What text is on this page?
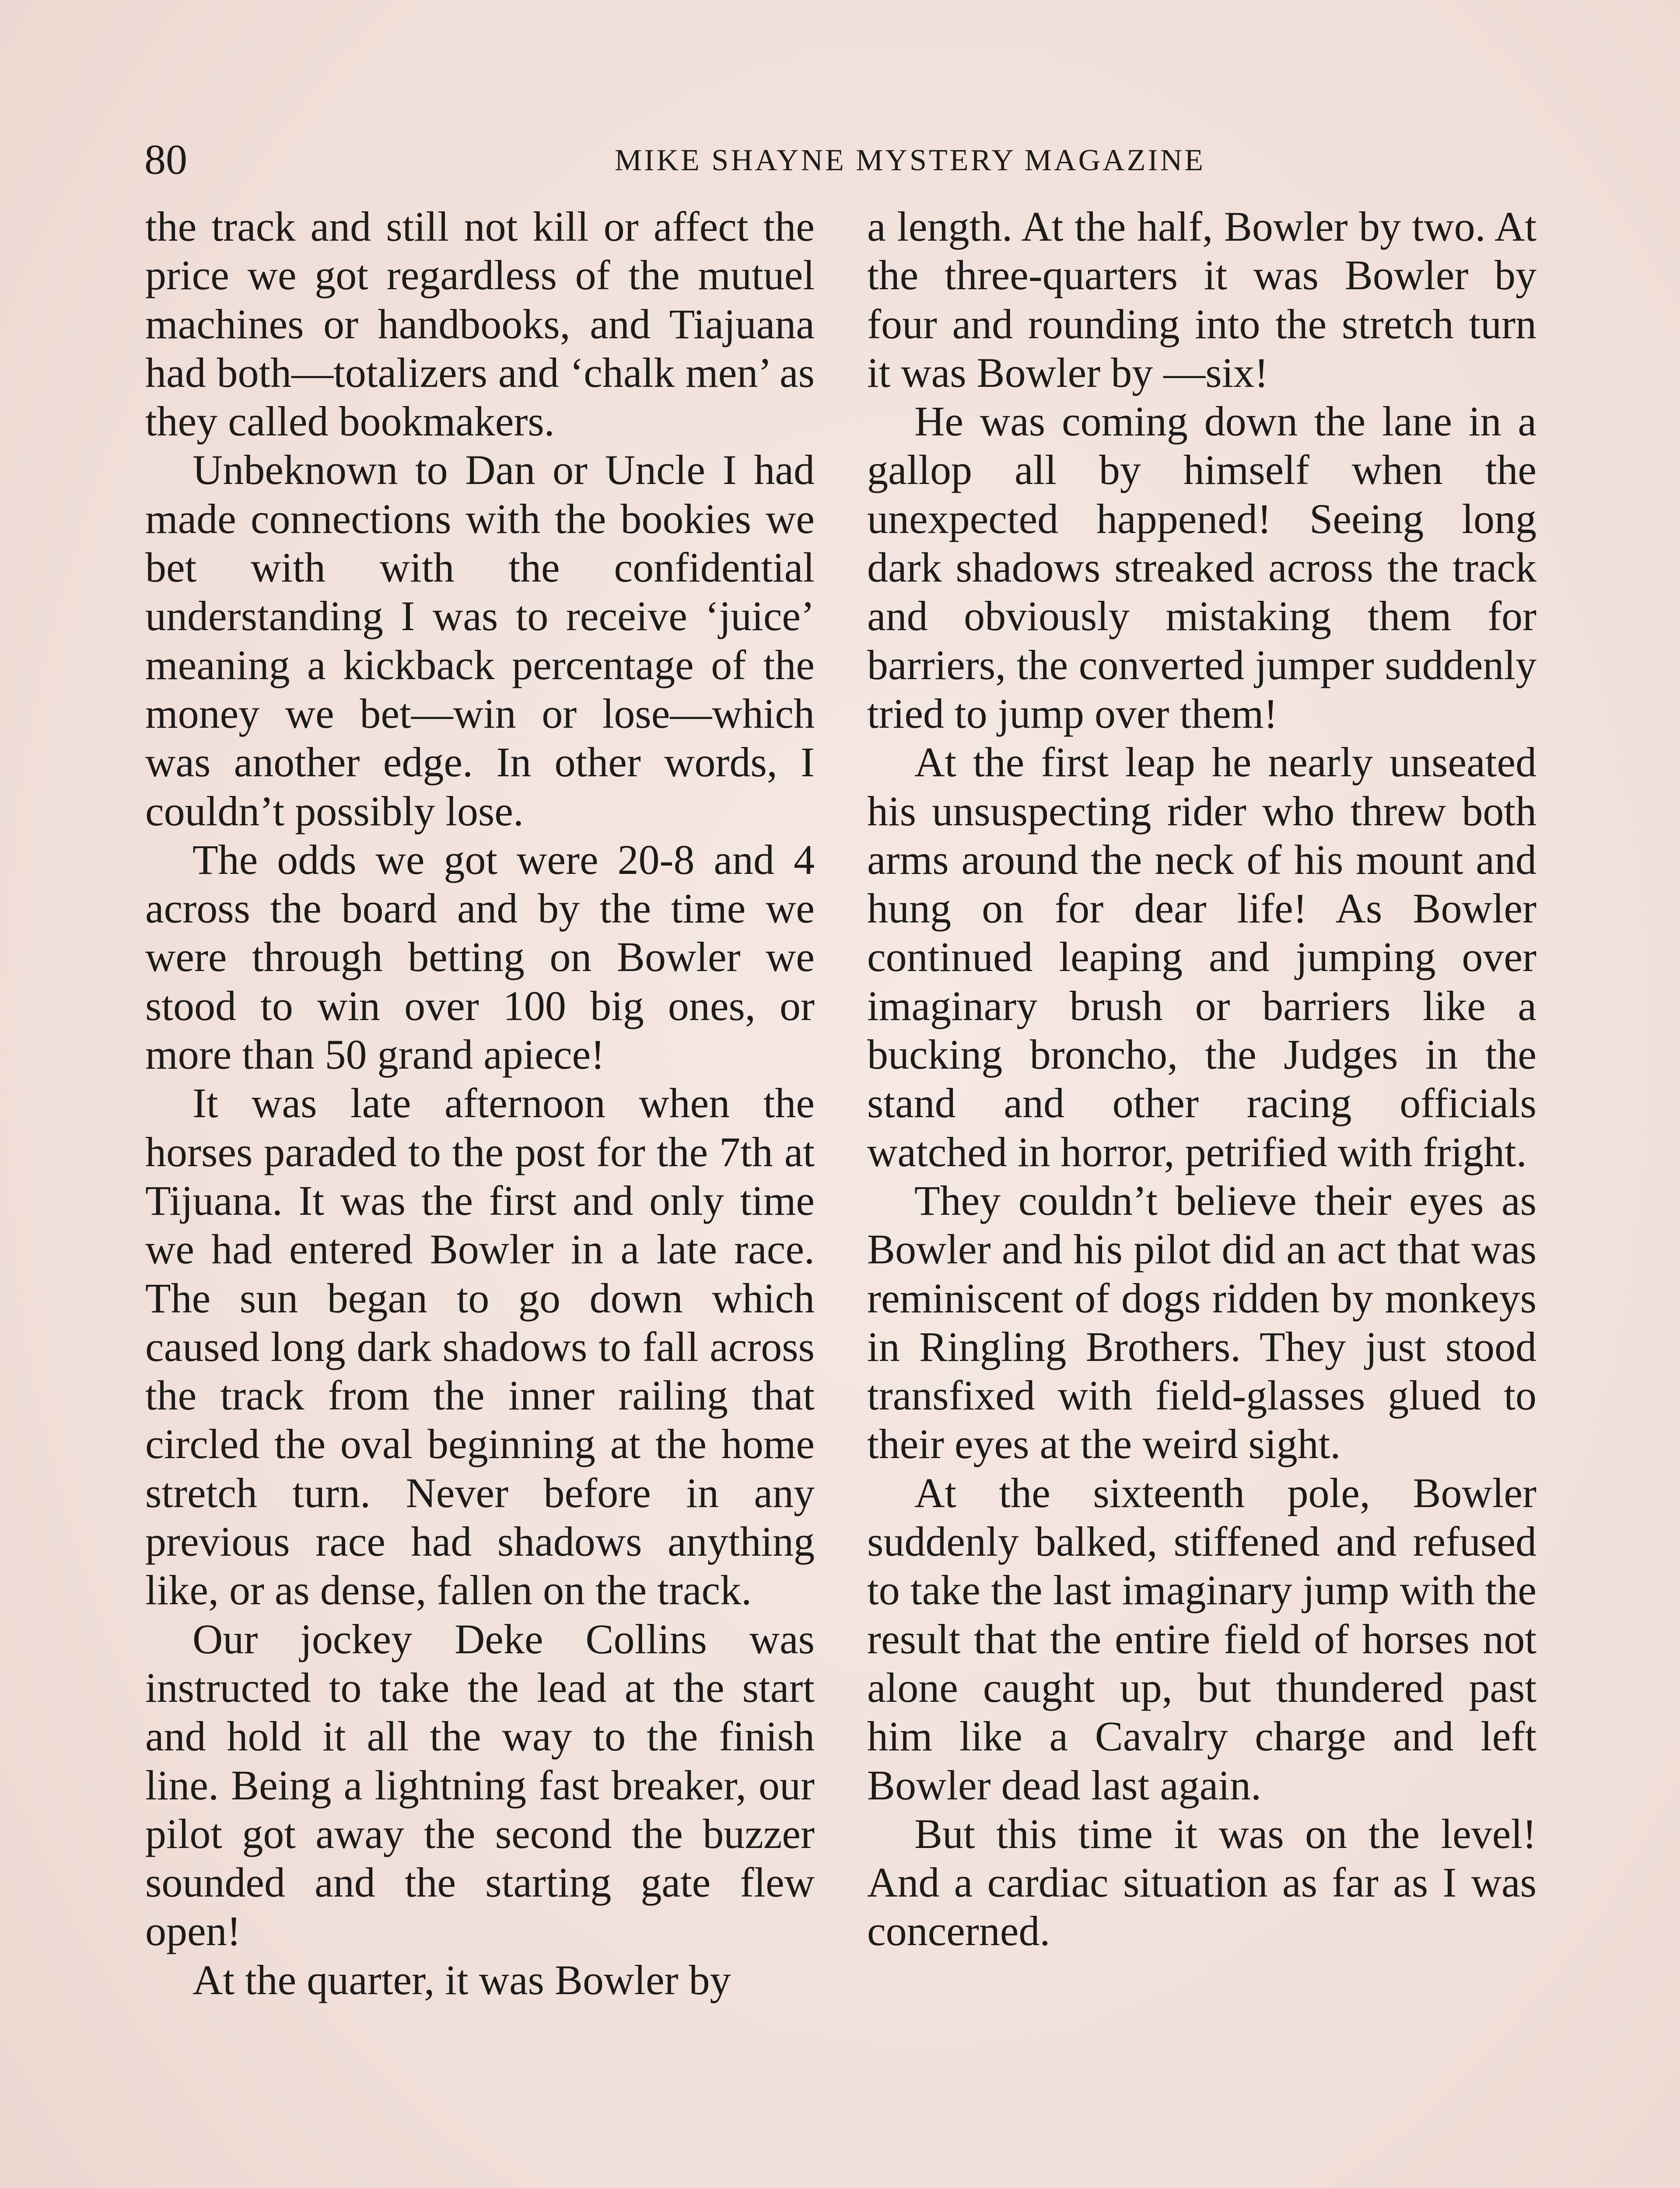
80	MIKE SHAYNE MYSTERY MAGAZINE

the track and still not kill or affect the price we got regardless of the mutuel machines or handbooks, and Tiajuana had both—totalizers and ‘chalk men’ as they called bookmakers.

Unbeknown to Dan or Uncle I had made connections with the bookies we bet with with the confidential understanding I was to receive ‘juice’ meaning a kickback percentage of the money we bet—win or lose—which was another edge. In other words, I couldn’t possibly lose.

The odds we got were 20-8 and 4 across the board and by the time we were through betting on Bowler we stood to win over 100 big ones, or more than 50 grand apiece!

It was late afternoon when the horses paraded to the post for the 7th at Tijuana. It was the first and only time we had entered Bowler in a late race. The sun began to go down which caused long dark shadows to fall across the track from the inner railing that circled the oval beginning at the home stretch turn. Never before in any previous race had shadows anything like, or as dense, fallen on the track.

Our jockey Deke Collins was instructed to take the lead at the start and hold it all the way to the finish line. Being a lightning fast breaker, our pilot got away the second the buzzer sounded and the starting gate flew open!

At the quarter, it was Bowler by

a length. At the half, Bowler by two. At the three-quarters it was Bowler by four and rounding into the stretch turn it was Bowler by —six!

He was coming down the lane in a gallop all by himself when the unexpected happened! Seeing long dark shadows streaked across the track and obviously mistaking them for barriers, the converted jumper suddenly tried to jump over them!

At the first leap he nearly unseated his unsuspecting rider who threw both arms around the neck of his mount and hung on for dear life! As Bowler continued leaping and jumping over imaginary brush or barriers like a bucking broncho, the Judges in the stand and other racing officials watched in horror, petrified with fright.

They couldn’t believe their eyes as Bowler and his pilot did an act that was reminiscent of dogs ridden by monkeys in Ringling Brothers. They just stood transfixed with field-glasses glued to their eyes at the weird sight.

At the sixteenth pole, Bowler suddenly balked, stiffened and refused to take the last imaginary jump with the result that the entire field of horses not alone caught up, but thundered past him like a Cavalry charge and left Bowler dead last again.

But this time it was on the level! And a cardiac situation as far as I was concerned.
